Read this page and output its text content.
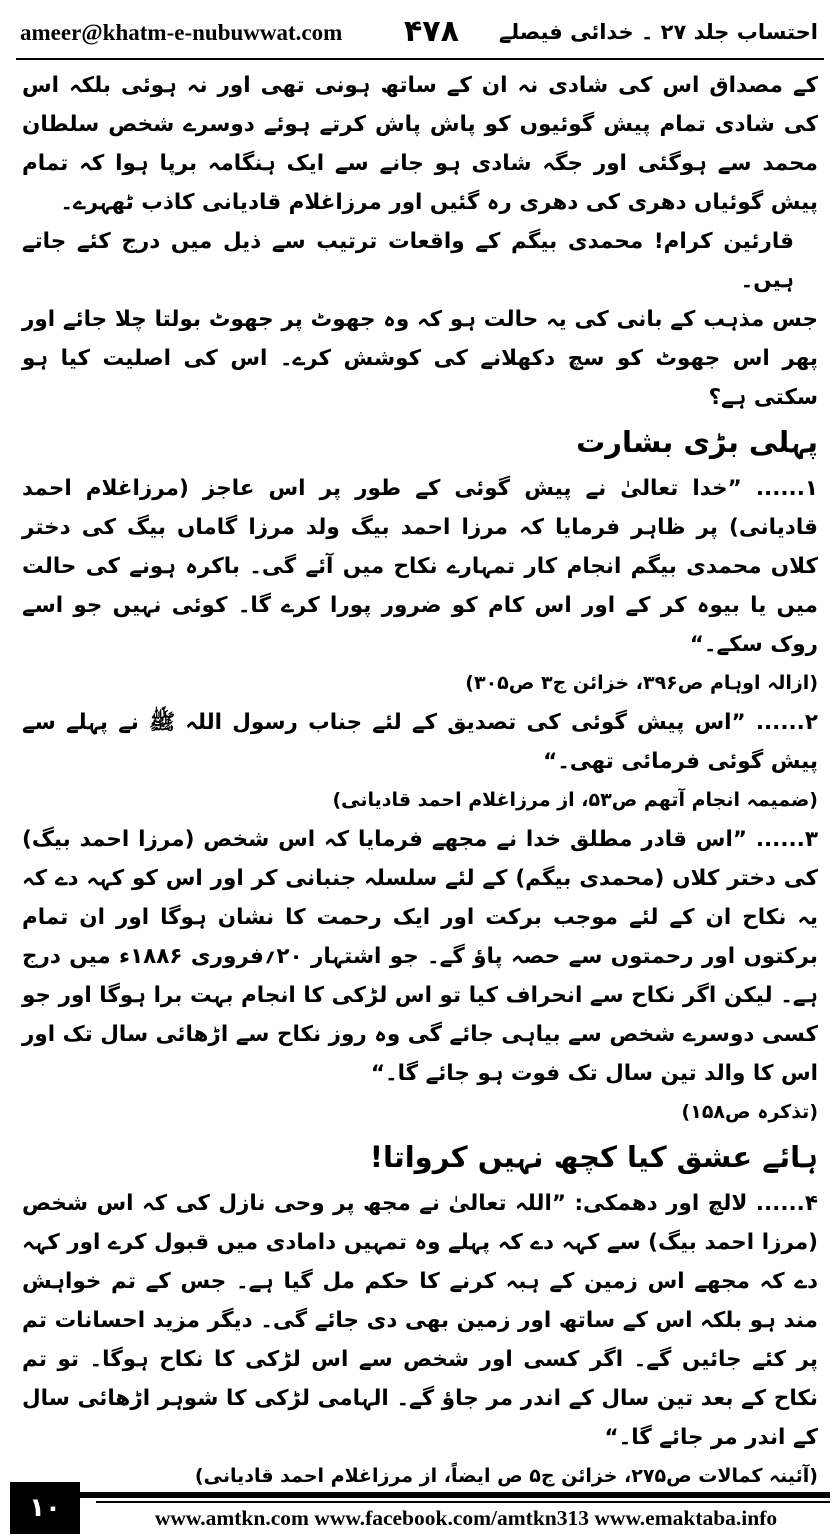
ameer@khatm-e-nubuwwat.com ۴۷۸ احتساب جلد ۲۷ ۔ خدائی فیصلے

کے مصداق اس کی شادی نہ ان کے ساتھ ہونی تھی اور نہ ہوئی بلکہ اس کی شادی تمام پیش گوئیوں کو پاش پاش کرتے ہوئے دوسرے شخص سلطان محمد سے ہوگئی اور جگہ شادی ہو جانے سے ایک ہنگامہ برپا ہوا کہ تمام پیش گوئیاں دھری کی دھری رہ گئیں اور مرزاغلام قادیانی کاذب ٹھہرے۔

قارئین کرام! محمدی بیگم کے واقعات ترتیب سے ذیل میں درج کئے جاتے ہیں۔

جس مذہب کے بانی کی یہ حالت ہو کہ وہ جھوٹ پر جھوٹ بولتا چلا جائے اور پھر اس جھوٹ کو سچ دکھلانے کی کوشش کرے۔ اس کی اصلیت کیا ہو سکتی ہے؟

پہلی بڑی بشارت

۱...... ”خدا تعالیٰ نے پیش گوئی کے طور پر اس عاجز (مرزاغلام احمد قادیانی) پر ظاہر فرمایا کہ مرزا احمد بیگ ولد مرزا گاماں بیگ کی دختر کلاں محمدی بیگم انجام کار تمہارے نکاح میں آئے گی۔ باکرہ ہونے کی حالت میں یا بیوہ کر کے اور اس کام کو ضرور پورا کرے گا۔ کوئی نہیں جو اسے روک سکے۔“

(ازالہ اوہام ص۳۹۶، خزائن ج۳ ص۳۰۵)

۲...... ”اس پیش گوئی کی تصدیق کے لئے جناب رسول اللہ ﷺ نے پہلے سے پیش گوئی فرمائی تھی۔“

(ضمیمہ انجام آتھم ص۵۳، از مرزاغلام احمد قادیانی)

۳...... ”اس قادر مطلق خدا نے مجھے فرمایا کہ اس شخص (مرزا احمد بیگ) کی دختر کلاں (محمدی بیگم) کے لئے سلسلہ جنبانی کر اور اس کو کہہ دے کہ یہ نکاح ان کے لئے موجب برکت اور ایک رحمت کا نشان ہوگا اور ان تمام برکتوں اور رحمتوں سے حصہ پاؤ گے۔ جو اشتہار ۲۰؍فروری ۱۸۸۶ء میں درج ہے۔ لیکن اگر نکاح سے انحراف کیا تو اس لڑکی کا انجام بہت برا ہوگا اور جو کسی دوسرے شخص سے بیاہی جائے گی وہ روز نکاح سے اڑھائی سال تک اور اس کا والد تین سال تک فوت ہو جائے گا۔“

(تذکرہ ص۱۵۸)

ہائے عشق کیا کچھ نہیں کرواتا!

۴...... لالچ اور دھمکی: ”اللہ تعالیٰ نے مجھ پر وحی نازل کی کہ اس شخص (مرزا احمد بیگ) سے کہہ دے کہ پہلے وہ تمہیں دامادی میں قبول کرے اور کہہ دے کہ مجھے اس زمین کے ہبہ کرنے کا حکم مل گیا ہے۔ جس کے تم خواہش مند ہو بلکہ اس کے ساتھ اور زمین بھی دی جائے گی۔ دیگر مزید احسانات تم پر کئے جائیں گے۔ اگر کسی اور شخص سے اس لڑکی کا نکاح ہوگا۔ تو تم نکاح کے بعد تین سال کے اندر مر جاؤ گے۔ الہامی لڑکی کا شوہر اڑھائی سال کے اندر مر جائے گا۔“

(آئینہ کمالات ص۲۷۵، خزائن ج۵ ص ایضاً، از مرزاغلام احمد قادیانی)

۱۰	www.amtkn.com www.facebook.com/amtkn313 www.emaktaba.info
